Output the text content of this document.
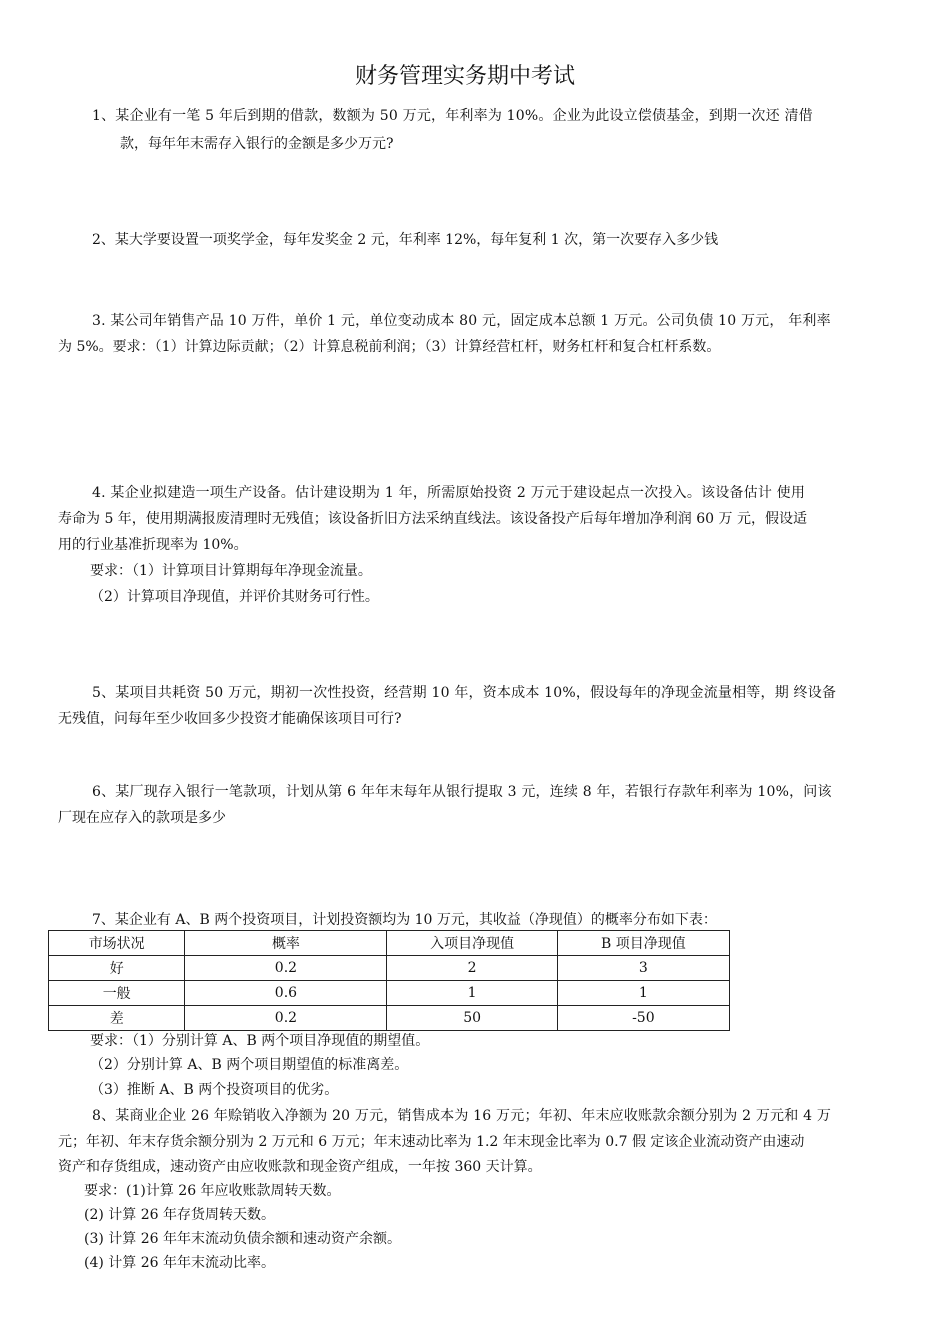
财务管理实务期中考试
1、某企业有一笔 5 年后到期的借款，数额为 50 万元，年利率为 10%。企业为此设立偿债基金，到期一次还 清借
款，每年年末需存入银行的金额是多少万元?
2、某大学要设置一项奖学金，每年发奖金 2 元，年利率 12%，每年复利 1 次，第一次要存入多少钱
3. 某公司年销售产品 10 万件，单价 1 元，单位变动成本 80 元，固定成本总额 1 万元。公司负债 10 万元， 年利率
为 5%。要求：（1）计算边际贡献；（2）计算息税前利润；（3）计算经营杠杆，财务杠杆和复合杠杆系数。
4. 某企业拟建造一项生产设备。估计建设期为 1 年，所需原始投资 2 万元于建设起点一次投入。该设备估计 使用
寿命为 5 年，使用期满报废清理时无残值；该设备折旧方法采纳直线法。该设备投产后每年增加净利润 60 万 元，假设适
用的行业基准折现率为 10%。
要求：（1）计算项目计算期每年净现金流量。
（2）计算项目净现值，并评价其财务可行性。
5、某项目共耗资 50 万元，期初一次性投资，经营期 10 年，资本成本 10%，假设每年的净现金流量相等，期 终设备
无残值，问每年至少收回多少投资才能确保该项目可行?
6、某厂现存入银行一笔款项，计划从第 6 年年末每年从银行提取 3 元，连续 8 年，若银行存款年利率为 10%，问该
厂现在应存入的款项是多少
7、某企业有 A、B 两个投资项目，计划投资额均为 10 万元，其收益（净现值）的概率分布如下表：
市场状况	概率	入项目净现值	B 项目净现值
好	0.2	2	3
一般	0.6	1	1
差	0.2	50	-50
要求：（1）分别计算 A、B 两个项目净现值的期望值。
（2）分别计算 A、B 两个项目期望值的标准离差。
（3）推断 A、B 两个投资项目的优劣。
8、某商业企业 26 年赊销收入净额为 20 万元，销售成本为 16 万元；年初、年末应收账款余额分别为 2 万元和 4 万
元；年初、年末存货余额分别为 2 万元和 6 万元；年末速动比率为 1.2 年末现金比率为 0.7 假 定该企业流动资产由速动
资产和存货组成，速动资产由应收账款和现金资产组成，一年按 360 天计算。
要求：(1)计算 26 年应收账款周转天数。
(2) 计算 26 年存货周转天数。
(3) 计算 26 年年末流动负债余额和速动资产余额。
(4) 计算 26 年年末流动比率。
